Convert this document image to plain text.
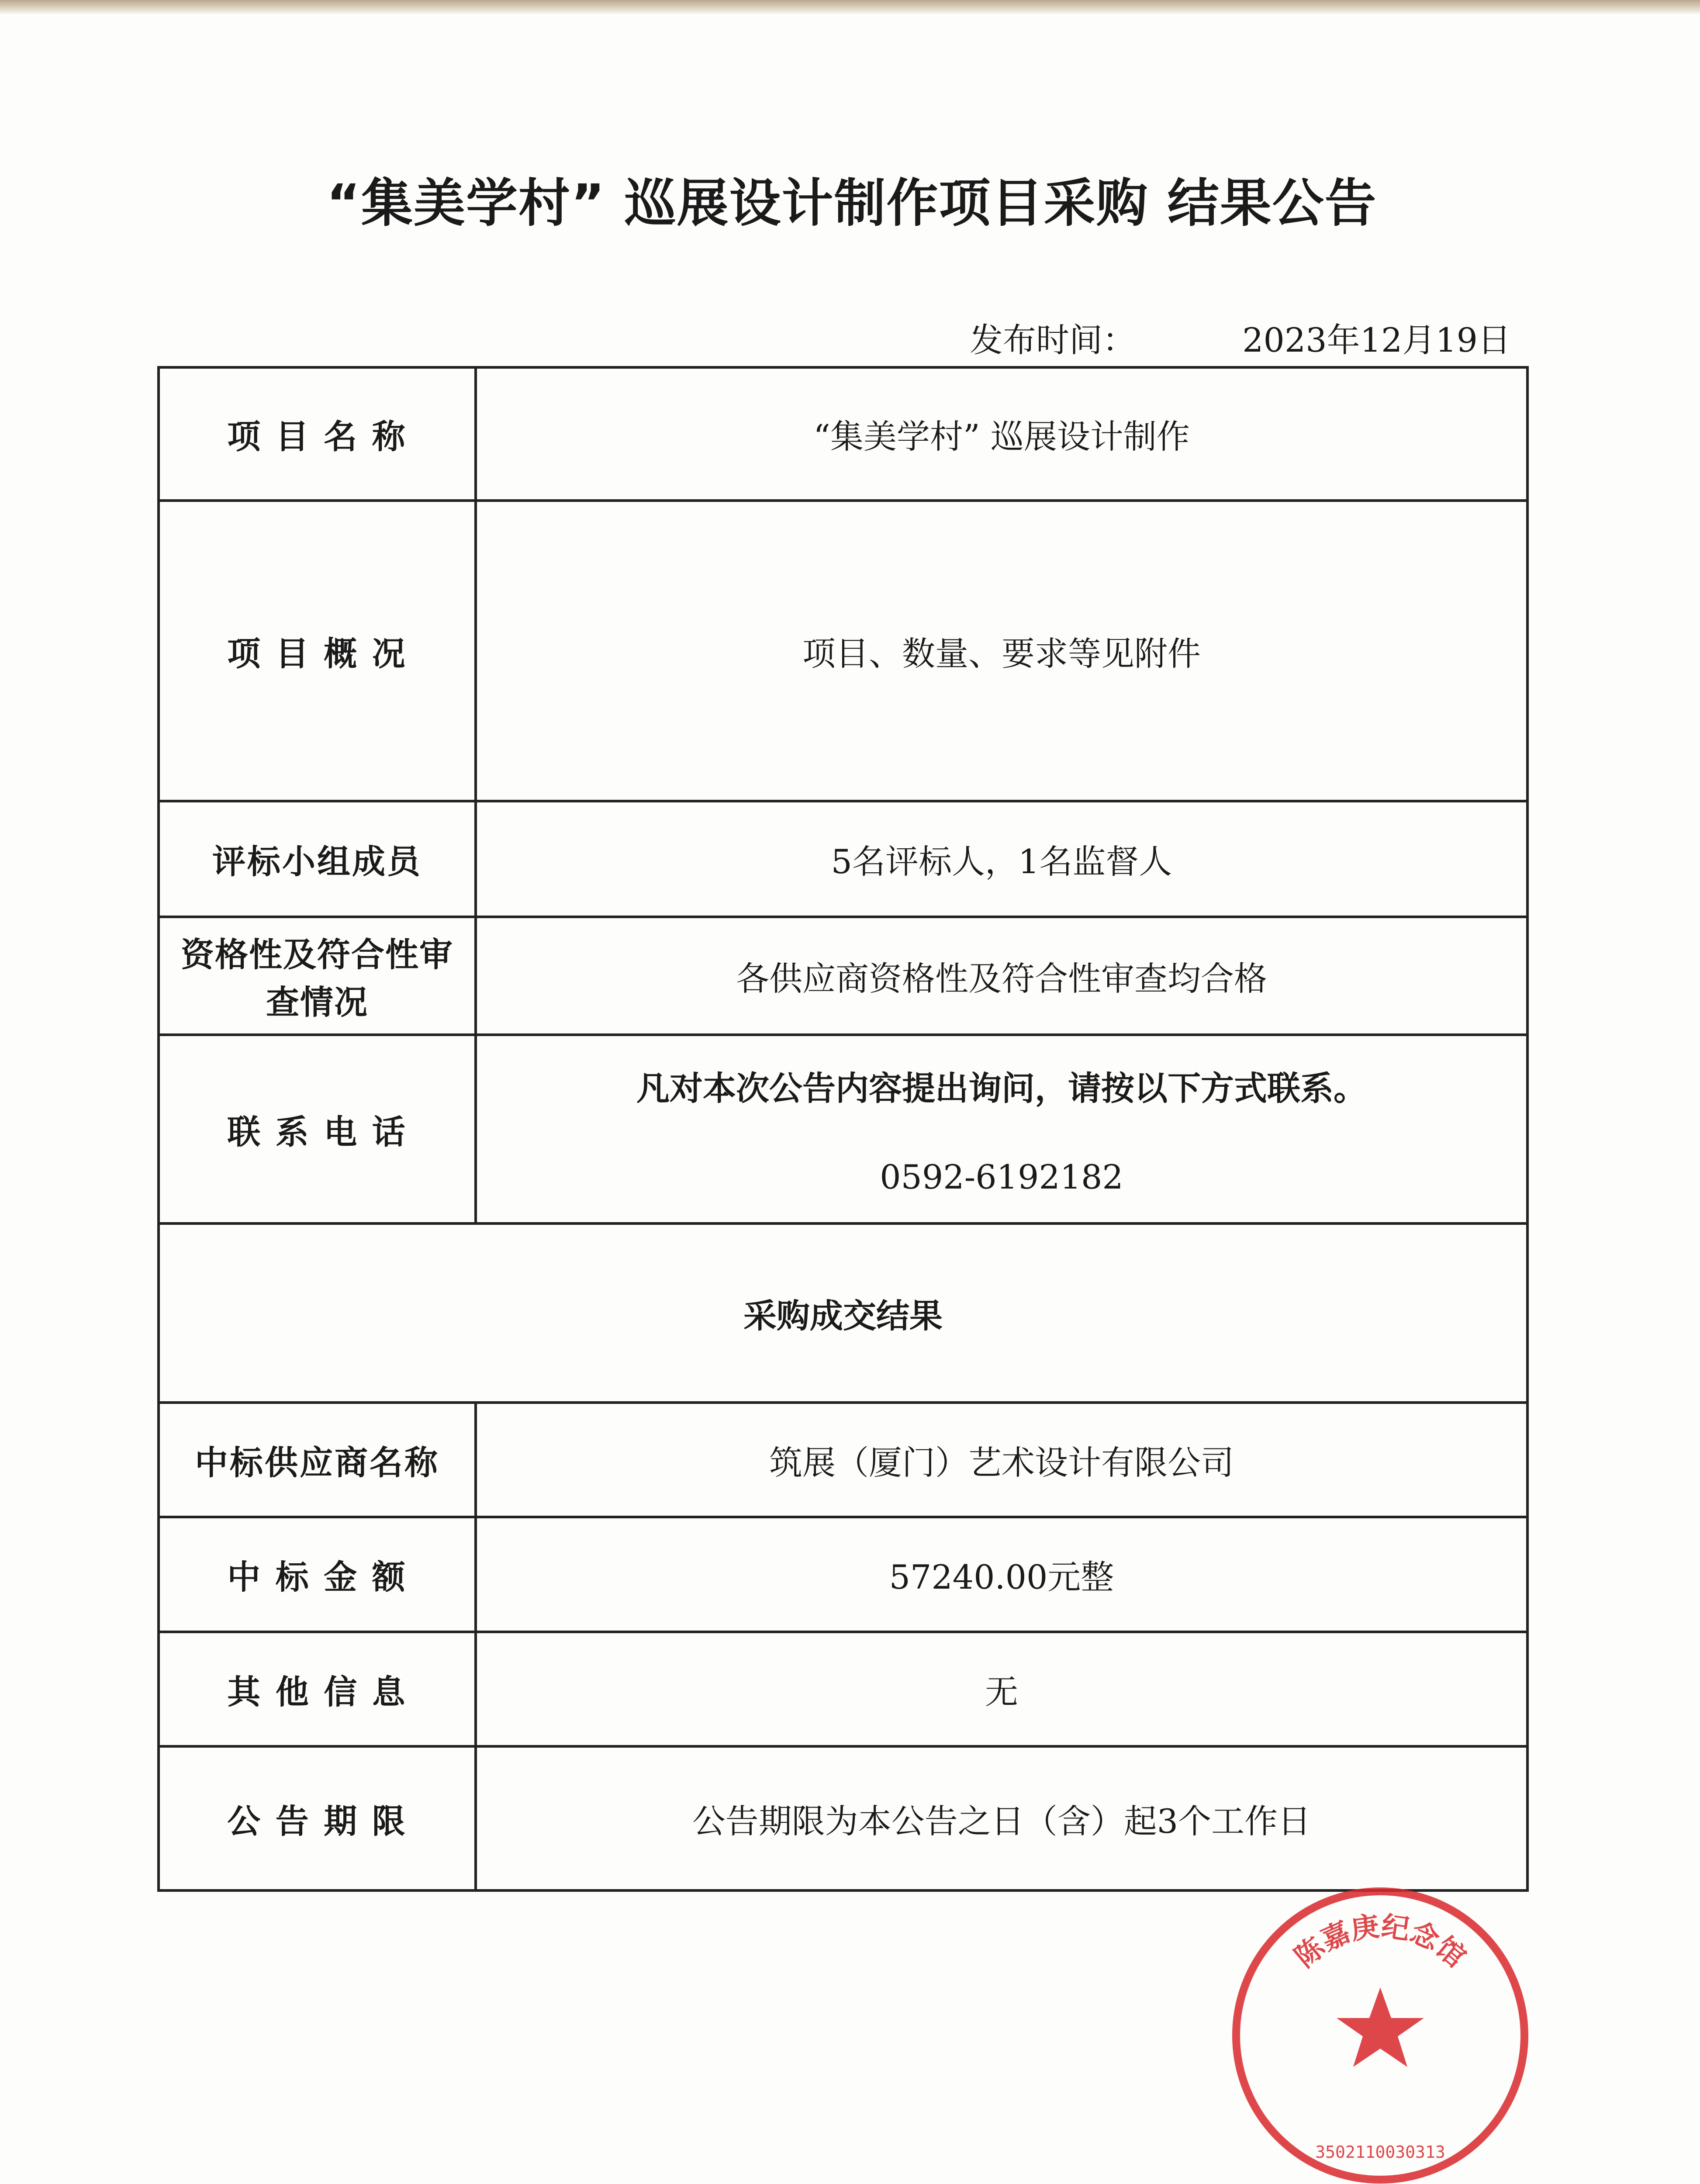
“集美学村” 巡展设计制作项目采购 结果公告
发布时间：	2023年12月19日
项 目 名 称	“集美学村” 巡展设计制作
项 目 概 况	项目、数量、要求等见附件
评标小组成员	5名评标人，1名监督人
资格性及符合性审查情况	各供应商资格性及符合性审查均合格
联 系 电 话	凡对本次公告内容提出询问，请按以下方式联系。
0592-6192182

采购成交结果	
中标供应商名称	筑展（厦门）艺术设计有限公司
中 标 金 额	57240.00元整
其 他 信 息	无
公 告 期 限	公告期限为本公告之日（含）起3个工作日
陈嘉庚纪念馆
3502110030313
